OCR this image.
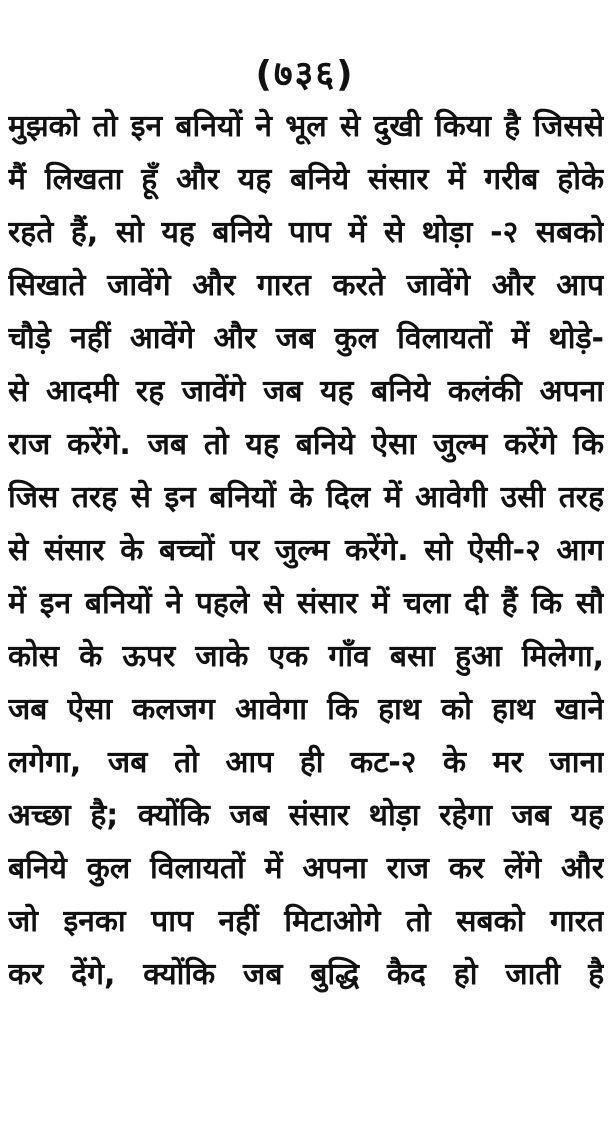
(७३६)
मुझको तो इन बनियों ने भूल से दुखी किया है जिससे
मैं लिखता हूँ और यह बनिये संसार में गरीब होके
रहते हैं, सो यह बनिये पाप में से थोड़ा -२ सबको
सिखाते जावेंगे और गारत करते जावेंगे और आप
चौड़े नहीं आवेंगे और जब कुल विलायतों में थोड़े-
से आदमी रह जावेंगे जब यह बनिये कलंकी अपना
राज करेंगे. जब तो यह बनिये ऐसा जुल्म करेंगे कि
जिस तरह से इन बनियों के दिल में आवेगी उसी तरह
से संसार के बच्चों पर जुल्म करेंगे. सो ऐसी-२ आग
में इन बनियों ने पहले से संसार में चला दी हैं कि सौ
कोस के ऊपर जाके एक गाँव बसा हुआ मिलेगा,
जब ऐसा कलजग आवेगा कि हाथ को हाथ खाने
लगेगा, जब तो आप ही कट-२ के मर जाना
अच्छा है; क्योंकि जब संसार थोड़ा रहेगा जब यह
बनिये कुल विलायतों में अपना राज कर लेंगे और
जो इनका पाप नहीं मिटाओगे तो सबको गारत
कर देंगे, क्योंकि जब बुद्धि कैद हो जाती है
